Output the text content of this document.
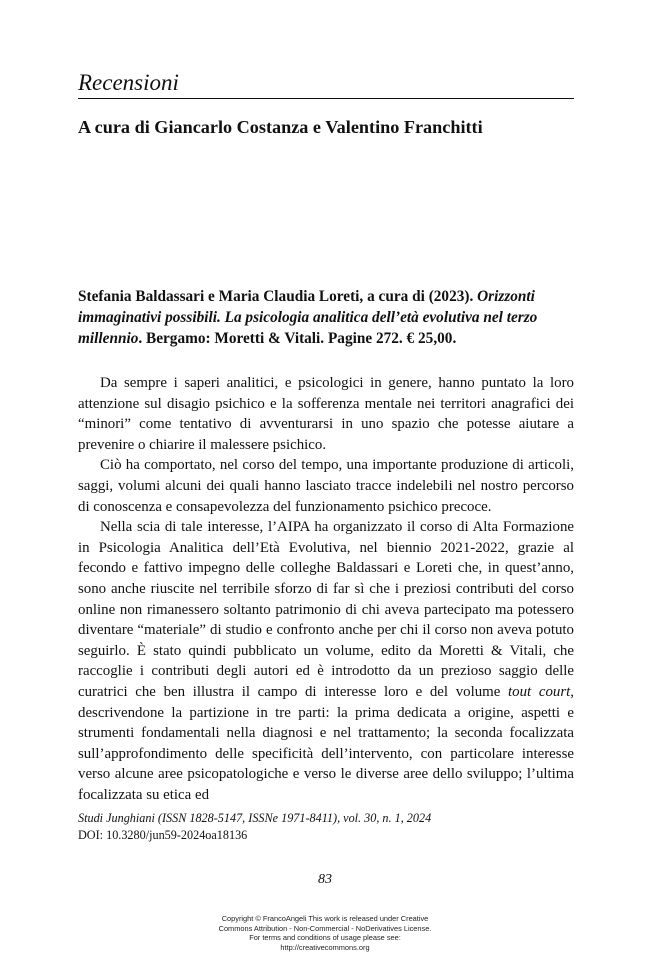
Recensioni
A cura di Giancarlo Costanza e Valentino Franchitti
Stefania Baldassari e Maria Claudia Loreti, a cura di (2023). Orizzonti immaginativi possibili. La psicologia analitica dell’età evolutiva nel terzo millennio. Bergamo: Moretti & Vitali. Pagine 272. € 25,00.

Da sempre i saperi analitici, e psicologici in genere, hanno puntato la loro attenzione sul disagio psichico e la sofferenza mentale nei territori anagrafici dei “minori” come tentativo di avventurarsi in uno spazio che potesse aiutare a prevenire o chiarire il malessere psichico.

Ciò ha comportato, nel corso del tempo, una importante produzione di articoli, saggi, volumi alcuni dei quali hanno lasciato tracce indelebili nel nostro percorso di conoscenza e consapevolezza del funzionamento psichico precoce.

Nella scia di tale interesse, l’AIPA ha organizzato il corso di Alta Formazione in Psicologia Analitica dell’Età Evolutiva, nel biennio 2021-2022, grazie al fecondo e fattivo impegno delle colleghe Baldassari e Loreti che, in quest’anno, sono anche riuscite nel terribile sforzo di far sì che i preziosi contributi del corso online non rimanessero soltanto patrimonio di chi aveva partecipato ma potessero diventare “materiale” di studio e confronto anche per chi il corso non aveva potuto seguirlo. È stato quindi pubblicato un volume, edito da Moretti & Vitali, che raccoglie i contributi degli autori ed è introdotto da un prezioso saggio delle curatrici che ben illustra il campo di interesse loro e del volume tout court, descrivendone la partizione in tre parti: la prima dedicata a origine, aspetti e strumenti fondamentali nella diagnosi e nel trattamento; la seconda focalizzata sull’approfondimento delle specificità dell’intervento, con particolare interesse verso alcune aree psicopatologiche e verso le diverse aree dello sviluppo; l’ultima focalizzata su etica ed

Studi Junghiani (ISSN 1828-5147, ISSNe 1971-8411), vol. 30, n. 1, 2024
DOI: 10.3280/jun59-2024oa18136
83
Copyright © FrancoAngeli This work is released under Creative
Commons Attribution - Non-Commercial - NoDerivatives License.
For terms and conditions of usage please see:
http://creativecommons.org
